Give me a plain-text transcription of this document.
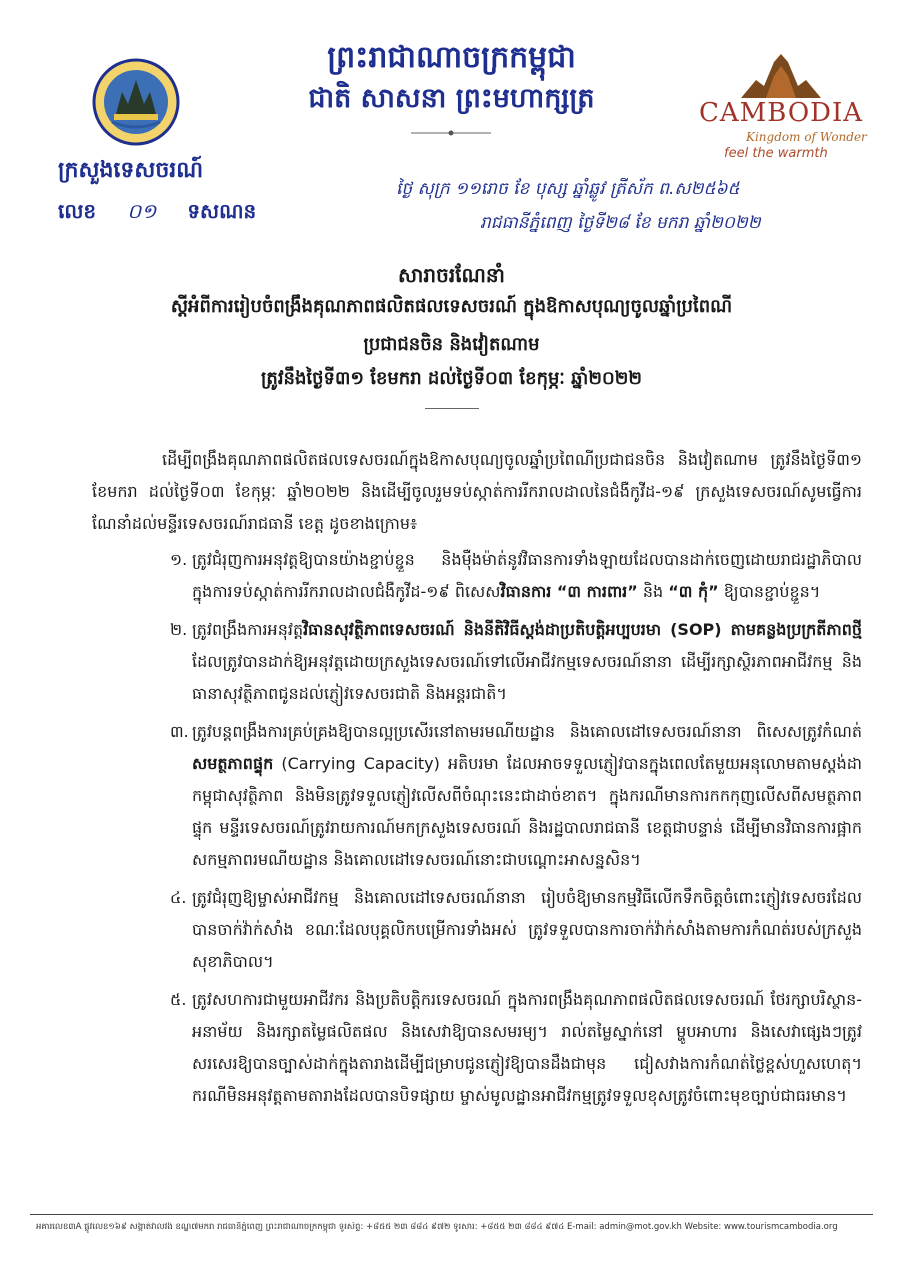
ព្រះរាជាណាចក្រកម្ពុជា
ជាតិ សាសនា ព្រះមហាក្សត្រ	CAMBODIA
Kingdom of Wonder
feel the warmth
ក្រសួងទេសចរណ៍
លេខ ០១ ទសណន
ថ្ងៃ សុក្រ ១១រោច ខែ បុស្ស ឆ្នាំឆ្លូវ ត្រីស័ក ព.ស២៥៦៥
រាជធានីភ្នំពេញ ថ្ងៃទី២៨ ខែ មករា ឆ្នាំ២០២២
សារាចរណែនាំ
ស្តីអំពីការរៀបចំពង្រឹងគុណភាពផលិតផលទេសចរណ៍ ក្នុងឱកាសបុណ្យចូលឆ្នាំប្រពៃណី
ប្រជាជនចិន និងវៀតណាម
ត្រូវនឹងថ្ងៃទី៣១ ខែមករា ដល់ថ្ងៃទី០៣ ខែកុម្ភៈ ឆ្នាំ២០២២

ដើម្បីពង្រឹងគុណភាពផលិតផលទេសចរណ៍ក្នុងឱកាសបុណ្យចូលឆ្នាំប្រពៃណីប្រជាជនចិន និងវៀតណាម ត្រូវនឹងថ្ងៃទី៣១ ខែមករា ដល់ថ្ងៃទី០៣ ខែកុម្ភៈ ឆ្នាំ២០២២ និងដើម្បីចូលរួមទប់ស្កាត់ការរីករាលដាលនៃជំងឺកូវីដ-១៩ ក្រសួងទេសចរណ៍សូមធ្វើការណែនាំដល់មន្ទីរទេសចរណ៍រាជធានី ខេត្ត ដូចខាងក្រោម៖

១. ត្រូវជំរុញការអនុវត្តឱ្យបានយ៉ាងខ្ជាប់ខ្ជួន និងម៉ឺងម៉ាត់នូវវិធានការទាំងឡាយដែលបានដាក់ចេញដោយរាជរដ្ឋាភិបាល ក្នុងការទប់ស្កាត់ការរីករាលដាលជំងឺកូវីដ-១៩ ពិសេសវិធានការ “៣ ការពារ” និង “៣ កុំ” ឱ្យបានខ្ជាប់ខ្ជួន។
២. ត្រូវពង្រឹងការអនុវត្តវិធានសុវត្ថិភាពទេសចរណ៍ និងនីតិវិធីស្តង់ដាប្រតិបត្តិអប្បបរមា (SOP) តាមគន្លងប្រក្រតីភាពថ្មី ដែលត្រូវបានដាក់ឱ្យអនុវត្តដោយក្រសួងទេសចរណ៍ទៅលើអាជីវកម្មទេសចរណ៍នានា ដើម្បីរក្សាស្ថិរភាពអាជីវកម្ម និងធានាសុវត្ថិភាពជូនដល់ភ្ញៀវទេសចរជាតិ និងអន្តរជាតិ។
៣. ត្រូវបន្តពង្រឹងការគ្រប់គ្រងឱ្យបានល្អប្រសើរនៅតាមរមណីយដ្ឋាន និងគោលដៅទេសចរណ៍នានា ពិសេសត្រូវកំណត់សមត្ថភាពផ្ទុក (Carrying Capacity) អតិបរមា ដែលអាចទទួលភ្ញៀវបានក្នុងពេលតែមួយអនុលោមតាមស្តង់ដាកម្ពុជាសុវត្ថិភាព និងមិនត្រូវទទួលភ្ញៀវលើសពីចំណុះនេះជាដាច់ខាត។ ក្នុងករណីមានការកកកុញលើសពីសមត្ថភាពផ្ទុក មន្ទីរទេសចរណ៍ត្រូវរាយការណ៍មកក្រសួងទេសចរណ៍ និងរដ្ឋបាលរាជធានី ខេត្តជាបន្ទាន់ ដើម្បីមានវិធានការផ្អាកសកម្មភាពរមណីយដ្ឋាន និងគោលដៅទេសចរណ៍នោះជាបណ្តោះអាសន្នសិន។
៤. ត្រូវជំរុញឱ្យម្ចាស់អាជីវកម្ម និងគោលដៅទេសចរណ៍នានា រៀបចំឱ្យមានកម្មវិធីលើកទឹកចិត្តចំពោះភ្ញៀវទេសចរដែលបានចាក់វ៉ាក់សាំង ខណៈដែលបុគ្គលិកបម្រើការទាំងអស់ ត្រូវទទួលបានការចាក់វ៉ាក់សាំងតាមការកំណត់របស់ក្រសួងសុខាភិបាល។
៥. ត្រូវសហការជាមួយអាជីវករ និងប្រតិបត្តិករទេសចរណ៍ ក្នុងការពង្រឹងគុណភាពផលិតផលទេសចរណ៍ ថែរក្សាបរិស្ថាន-អនាម័យ និងរក្សាតម្លៃផលិតផល និងសេវាឱ្យបានសមរម្យ។ រាល់តម្លៃស្នាក់នៅ ម្ហូបអាហារ និងសេវាផ្សេងៗត្រូវសរសេរឱ្យបានច្បាស់ដាក់ក្នុងតារាងដើម្បីជម្រាបជូនភ្ញៀវឱ្យបានដឹងជាមុន ជៀសវាងការកំណត់ថ្លៃខ្ពស់ហួសហេតុ។ ករណីមិនអនុវត្តតាមតារាងដែលបានបិទផ្សាយ ម្ចាស់មូលដ្ឋានអាជីវកម្មត្រូវទទួលខុសត្រូវចំពោះមុខច្បាប់ជាធរមាន។
អគារលេខ៣A ផ្លូវលេខ១៦៩ សង្កាត់វាលវង់ ខណ្ឌ៧មករា រាជធានីភ្នំពេញ ព្រះរាជាណាចក្រកម្ពុជា ទូរស័ព្ទ: +៨៥៥ ២៣ ៨៨៤ ៩៧២ ទូរសារ: +៨៥៥ ២៣ ៨៨៤ ៩៧៤ E-mail: admin@mot.gov.kh Website: www.tourismcambodia.org
